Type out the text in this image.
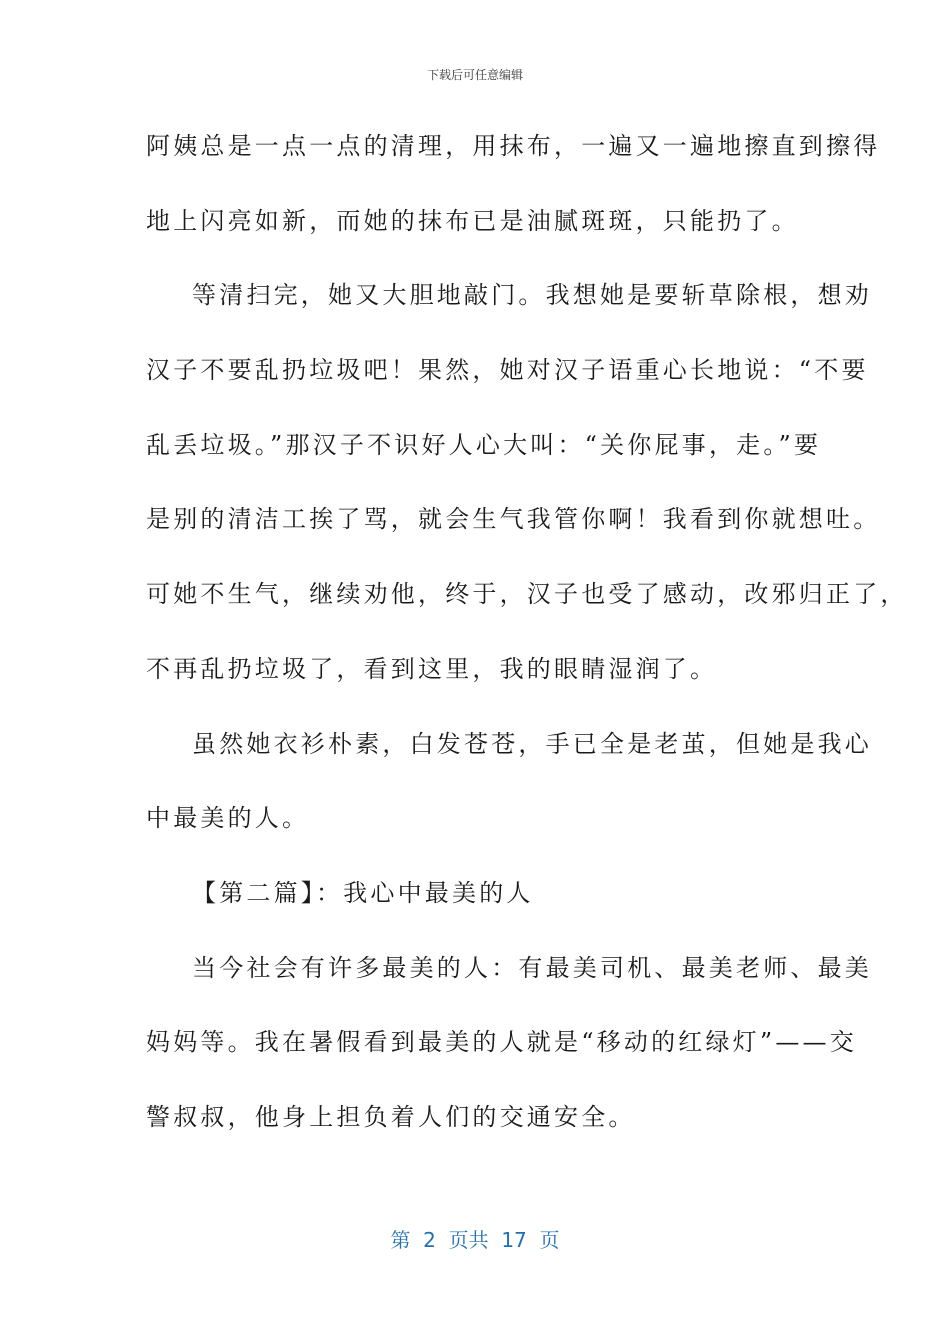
下载后可任意编辑
阿姨总是一点一点的清理，用抹布，一遍又一遍地擦直到擦得
地上闪亮如新，而她的抹布已是油腻斑斑，只能扔了。
等清扫完，她又大胆地敲门。我想她是要斩草除根，想劝
汉子不要乱扔垃圾吧！果然，她对汉子语重心长地说：“不要
乱丢垃圾。”那汉子不识好人心大叫：“关你屁事，走。”要
是别的清洁工挨了骂，就会生气我管你啊！我看到你就想吐。
可她不生气，继续劝他，终于，汉子也受了感动，改邪归正了，
不再乱扔垃圾了，看到这里，我的眼睛湿润了。
虽然她衣衫朴素，白发苍苍，手已全是老茧，但她是我心
中最美的人。
【第二篇】：我心中最美的人
当今社会有许多最美的人：有最美司机、最美老师、最美
妈妈等。我在暑假看到最美的人就是“移动的红绿灯”——交
警叔叔，他身上担负着人们的交通安全。
第  2  页共  17  页
